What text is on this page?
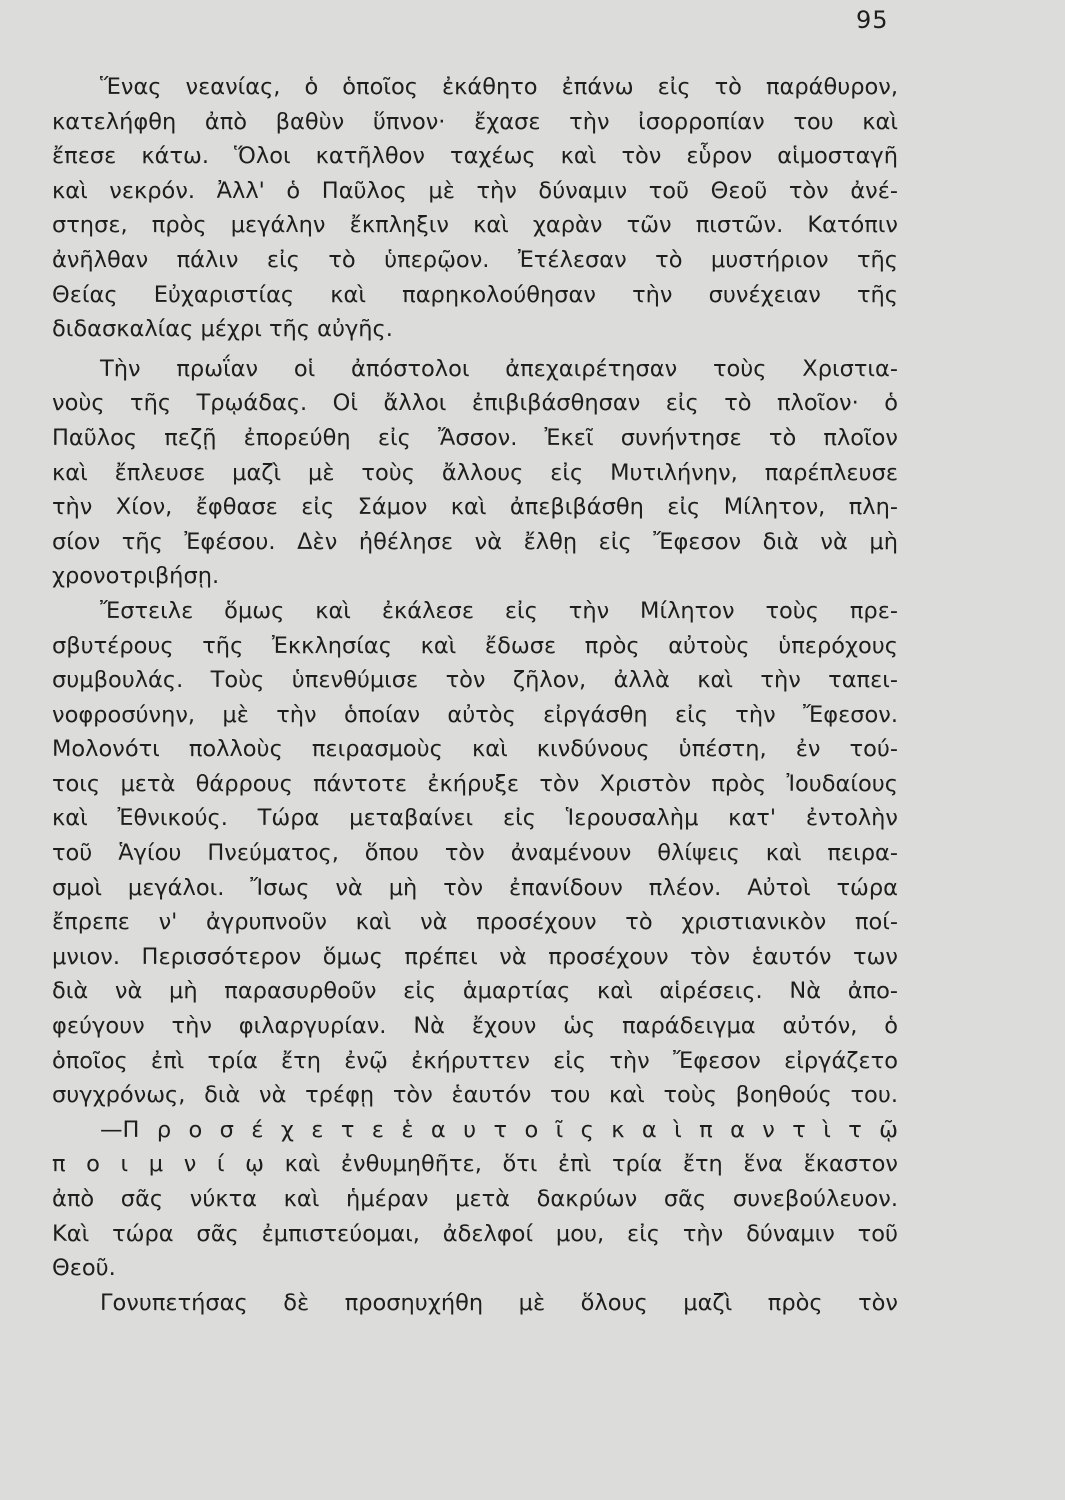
95
Ἕνας νεανίας, ὁ ὁποῖος ἐκάθητο ἐπάνω εἰς τὸ παράθυρον,
κατελήφθη ἀπὸ βαθὺν ὕπνον· ἔχασε τὴν ἰσορροπίαν του καὶ
ἔπεσε κάτω. Ὅλοι κατῆλθον ταχέως καὶ τὸν εὗρον αἱμοσταγῆ
καὶ νεκρόν. Ἀλλ' ὁ Παῦλος μὲ τὴν δύναμιν τοῦ Θεοῦ τὸν ἀνέ-
στησε, πρὸς μεγάλην ἔκπληξιν καὶ χαρὰν τῶν πιστῶν. Κατόπιν
ἀνῆλθαν πάλιν εἰς τὸ ὑπερῷον. Ἐτέλεσαν τὸ μυστήριον τῆς
Θείας Εὐχαριστίας καὶ παρηκολούθησαν τὴν συνέχειαν τῆς
διδασκαλίας μέχρι τῆς αὐγῆς.
Τὴν πρωΐαν οἱ ἀπόστολοι ἀπεχαιρέτησαν τοὺς Χριστια-
νοὺς τῆς Τρῳάδας. Οἱ ἄλλοι ἐπιβιβάσθησαν εἰς τὸ πλοῖον· ὁ
Παῦλος πεζῇ ἐπορεύθη εἰς Ἄσσον. Ἐκεῖ συνήντησε τὸ πλοῖον
καὶ ἔπλευσε μαζὶ μὲ τοὺς ἄλλους εἰς Μυτιλήνην, παρέπλευσε
τὴν Χίον, ἔφθασε εἰς Σάμον καὶ ἀπεβιβάσθη εἰς Μίλητον, πλη-
σίον τῆς Ἐφέσου. Δὲν ἠθέλησε νὰ ἔλθῃ εἰς Ἔφεσον διὰ νὰ μὴ
χρονοτριβήσῃ.
Ἔστειλε ὅμως καὶ ἐκάλεσε εἰς τὴν Μίλητον τοὺς πρε-
σβυτέρους τῆς Ἐκκλησίας καὶ ἔδωσε πρὸς αὐτοὺς ὑπερόχους
συμβουλάς. Τοὺς ὑπενθύμισε τὸν ζῆλον, ἀλλὰ καὶ τὴν ταπει-
νοφροσύνην, μὲ τὴν ὁποίαν αὐτὸς εἰργάσθη εἰς τὴν Ἔφεσον.
Μολονότι πολλοὺς πειρασμοὺς καὶ κινδύνους ὑπέστη, ἐν τού-
τοις μετὰ θάρρους πάντοτε ἐκήρυξε τὸν Χριστὸν πρὸς Ἰουδαίους
καὶ Ἐθνικούς. Τώρα μεταβαίνει εἰς Ἱερουσαλὴμ κατ' ἐντολὴν
τοῦ Ἁγίου Πνεύματος, ὅπου τὸν ἀναμένουν θλίψεις καὶ πειρα-
σμοὶ μεγάλοι. Ἴσως νὰ μὴ τὸν ἐπανίδουν πλέον. Αὐτοὶ τώρα
ἔπρεπε ν' ἀγρυπνοῦν καὶ νὰ προσέχουν τὸ χριστιανικὸν ποί-
μνιον. Περισσότερον ὅμως πρέπει νὰ προσέχουν τὸν ἑαυτόν των
διὰ νὰ μὴ παρασυρθοῦν εἰς ἁμαρτίας καὶ αἱρέσεις. Νὰ ἀπο-
φεύγουν τὴν φιλαργυρίαν. Νὰ ἔχουν ὡς παράδειγμα αὐτόν, ὁ
ὁποῖος ἐπὶ τρία ἔτη ἐνῷ ἐκήρυττεν εἰς τὴν Ἔφεσον εἰργάζετο
συγχρόνως, διὰ νὰ τρέφῃ τὸν ἑαυτόν του καὶ τοὺς βοηθούς του.
—Π ρ ο σ έ χ ε τ ε ἑ α υ τ ο ῖ ς κ α ὶ π α ν τ ὶ τ ῷ
π ο ι μ ν ί ῳ καὶ ἐνθυμηθῆτε, ὅτι ἐπὶ τρία ἔτη ἕνα ἕκαστον
ἀπὸ σᾶς νύκτα καὶ ἡμέραν μετὰ δακρύων σᾶς συνεβούλευον.
Καὶ τώρα σᾶς ἐμπιστεύομαι, ἀδελφοί μου, εἰς τὴν δύναμιν τοῦ
Θεοῦ.
Γονυπετήσας δὲ προσηυχήθη μὲ ὅλους μαζὶ πρὸς τὸν
